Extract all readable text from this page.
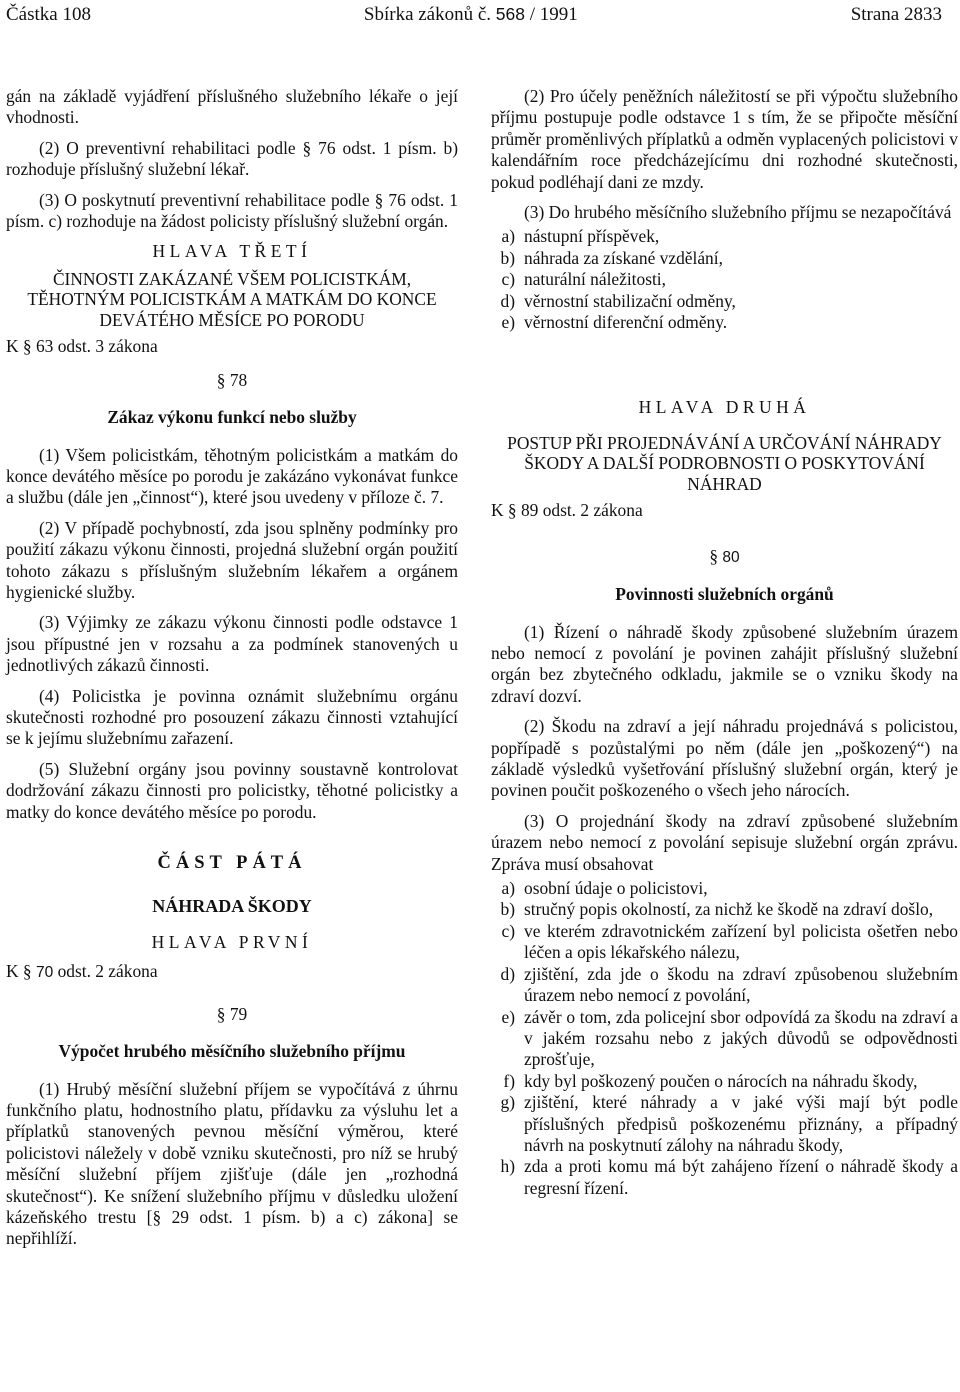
Částka 108	Sbírka zákonů č. 568 / 1991	Strana 2833

gán na základě vyjádření příslušného služebního lékaře o její vhodnosti.

(2) O preventivní rehabilitaci podle § 76 odst. 1 písm. b) rozhoduje příslušný služební lékař.

(3) O poskytnutí preventivní rehabilitace podle § 76 odst. 1 písm. c) rozhoduje na žádost policisty příslušný služební orgán.

HLAVA TŘETÍ
ČINNOSTI ZAKÁZANÉ VŠEM POLICISTKÁM, TĚHOTNÝM POLICISTKÁM A MATKÁM DO KONCE DEVÁTÉHO MĚSÍCE PO PORODU
K § 63 odst. 3 zákona
§ 78
Zákaz výkonu funkcí nebo služby

(1) Všem policistkám, těhotným policistkám a matkám do konce devátého měsíce po porodu je zakázáno vykonávat funkce a službu (dále jen „činnost“), které jsou uvedeny v příloze č. 7.

(2) V případě pochybností, zda jsou splněny podmínky pro použití zákazu výkonu činnosti, projedná služební orgán použití tohoto zákazu s příslušným služebním lékařem a orgánem hygienické služby.

(3) Výjimky ze zákazu výkonu činnosti podle odstavce 1 jsou přípustné jen v rozsahu a za podmínek stanovených u jednotlivých zákazů činnosti.

(4) Policistka je povinna oznámit služebnímu orgánu skutečnosti rozhodné pro posouzení zákazu činnosti vztahující se k jejímu služebnímu zařazení.

(5) Služební orgány jsou povinny soustavně kontrolovat dodržování zákazu činnosti pro policistky, těhotné policistky a matky do konce devátého měsíce po porodu.

ČÁST PÁTÁ
NÁHRADA ŠKODY
HLAVA PRVNÍ
K § 70 odst. 2 zákona
§ 79
Výpočet hrubého měsíčního služebního příjmu

(1) Hrubý měsíční služební příjem se vypočítává z úhrnu funkčního platu, hodnostního platu, přídavku za výsluhu let a příplatků stanovených pevnou měsíční výměrou, které policistovi náležely v době vzniku skutečnosti, pro níž se hrubý měsíční služební příjem zjišťuje (dále jen „rozhodná skutečnost“). Ke snížení služebního příjmu v důsledku uložení kázeňského trestu [§ 29 odst. 1 písm. b) a c) zákona] se nepřihlíží.

(2) Pro účely peněžních náležitostí se při výpočtu služebního příjmu postupuje podle odstavce 1 s tím, že se připočte měsíční průměr proměnlivých příplatků a odměn vyplacených policistovi v kalendářním roce předcházejícímu dni rozhodné skutečnosti, pokud podléhají dani ze mzdy.

(3) Do hrubého měsíčního služebního příjmu se nezapočítává

a) nástupní příspěvek,
b) náhrada za získané vzdělání,
c) naturální náležitosti,
d) věrnostní stabilizační odměny,
e) věrnostní diferenční odměny.
HLAVA DRUHÁ
POSTUP PŘI PROJEDNÁVÁNÍ A URČOVÁNÍ NÁHRADY ŠKODY A DALŠÍ PODROBNOSTI O POSKYTOVÁNÍ NÁHRAD
K § 89 odst. 2 zákona
§ 80
Povinnosti služebních orgánů

(1) Řízení o náhradě škody způsobené služebním úrazem nebo nemocí z povolání je povinen zahájit příslušný služební orgán bez zbytečného odkladu, jakmile se o vzniku škody na zdraví dozví.

(2) Škodu na zdraví a její náhradu projednává s policistou, popřípadě s pozůstalými po něm (dále jen „poškozený“) na základě výsledků vyšetřování příslušný služební orgán, který je povinen poučit poškozeného o všech jeho nárocích.

(3) O projednání škody na zdraví způsobené služebním úrazem nebo nemocí z povolání sepisuje služební orgán zprávu. Zpráva musí obsahovat

a) osobní údaje o policistovi,
b) stručný popis okolností, za nichž ke škodě na zdraví došlo,
c) ve kterém zdravotnickém zařízení byl policista ošetřen nebo léčen a opis lékařského nálezu,
d) zjištění, zda jde o škodu na zdraví způsobenou služebním úrazem nebo nemocí z povolání,
e) závěr o tom, zda policejní sbor odpovídá za škodu na zdraví a v jakém rozsahu nebo z jakých důvodů se odpovědnosti zprošťuje,
f) kdy byl poškozený poučen o nárocích na náhradu škody,
g) zjištění, které náhrady a v jaké výši mají být podle příslušných předpisů poškozenému přiznány, a případný návrh na poskytnutí zálohy na náhradu škody,
h) zda a proti komu má být zahájeno řízení o náhradě škody a regresní řízení.
